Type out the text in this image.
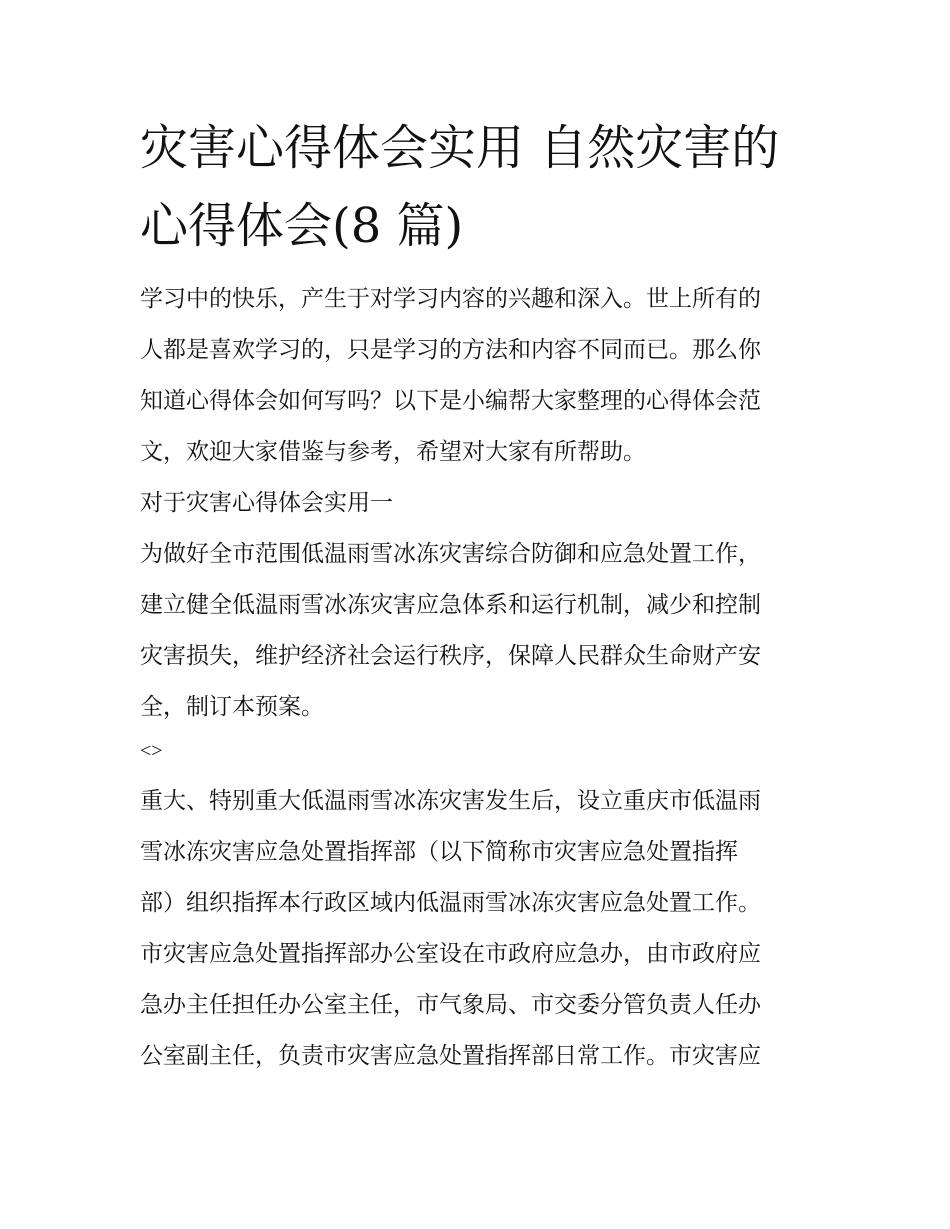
灾害心得体会实用 自然灾害的
心得体会(8 篇)

学习中的快乐，产生于对学习内容的兴趣和深入。世上所有的

人都是喜欢学习的，只是学习的方法和内容不同而已。那么你

知道心得体会如何写吗？以下是小编帮大家整理的心得体会范

文，欢迎大家借鉴与参考，希望对大家有所帮助。

对于灾害心得体会实用一

为做好全市范围低温雨雪冰冻灾害综合防御和应急处置工作，

建立健全低温雨雪冰冻灾害应急体系和运行机制，减少和控制

灾害损失，维护经济社会运行秩序，保障人民群众生命财产安

全，制订本预案。

<>

重大、特别重大低温雨雪冰冻灾害发生后，设立重庆市低温雨

雪冰冻灾害应急处置指挥部（以下简称市灾害应急处置指挥

部）组织指挥本行政区域内低温雨雪冰冻灾害应急处置工作。

市灾害应急处置指挥部办公室设在市政府应急办，由市政府应

急办主任担任办公室主任，市气象局、市交委分管负责人任办

公室副主任，负责市灾害应急处置指挥部日常工作。市灾害应
